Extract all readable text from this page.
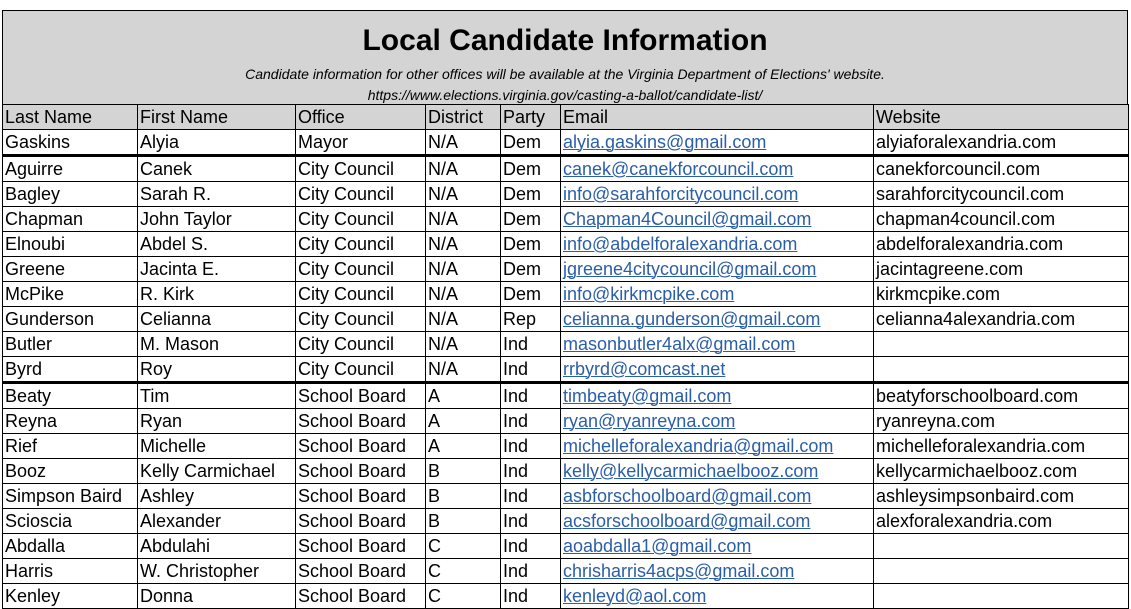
Local Candidate Information
Candidate information for other offices will be available at the Virginia Department of Elections' website.
https://www.elections.virginia.gov/casting-a-ballot/candidate-list/
Last Name	First Name	Office	District	Party	Email	Website
Gaskins	Alyia	Mayor	N/A	Dem	alyia.gaskins@gmail.com	alyiaforalexandria.com
Aguirre	Canek	City Council	N/A	Dem	canek@canekforcouncil.com	canekforcouncil.com
Bagley	Sarah R.	City Council	N/A	Dem	info@sarahforcitycouncil.com	sarahforcitycouncil.com
Chapman	John Taylor	City Council	N/A	Dem	Chapman4Council@gmail.com	chapman4council.com
Elnoubi	Abdel S.	City Council	N/A	Dem	info@abdelforalexandria.com	abdelforalexandria.com
Greene	Jacinta E.	City Council	N/A	Dem	jgreene4citycouncil@gmail.com	jacintagreene.com
McPike	R. Kirk	City Council	N/A	Dem	info@kirkmcpike.com	kirkmcpike.com
Gunderson	Celianna	City Council	N/A	Rep	celianna.gunderson@gmail.com	celianna4alexandria.com
Butler	M. Mason	City Council	N/A	Ind	masonbutler4alx@gmail.com	
Byrd	Roy	City Council	N/A	Ind	rrbyrd@comcast.net	
Beaty	Tim	School Board	A	Ind	timbeaty@gmail.com	beatyforschoolboard.com
Reyna	Ryan	School Board	A	Ind	ryan@ryanreyna.com	ryanreyna.com
Rief	Michelle	School Board	A	Ind	michelleforalexandria@gmail.com	michelleforalexandria.com
Booz	Kelly Carmichael	School Board	B	Ind	kelly@kellycarmichaelbooz.com	kellycarmichaelbooz.com
Simpson Baird	Ashley	School Board	B	Ind	asbforschoolboard@gmail.com	ashleysimpsonbaird.com
Scioscia	Alexander	School Board	B	Ind	acsforschoolboard@gmail.com	alexforalexandria.com
Abdalla	Abdulahi	School Board	C	Ind	aoabdalla1@gmail.com	
Harris	W. Christopher	School Board	C	Ind	chrisharris4acps@gmail.com	
Kenley	Donna	School Board	C	Ind	kenleyd@aol.com	
